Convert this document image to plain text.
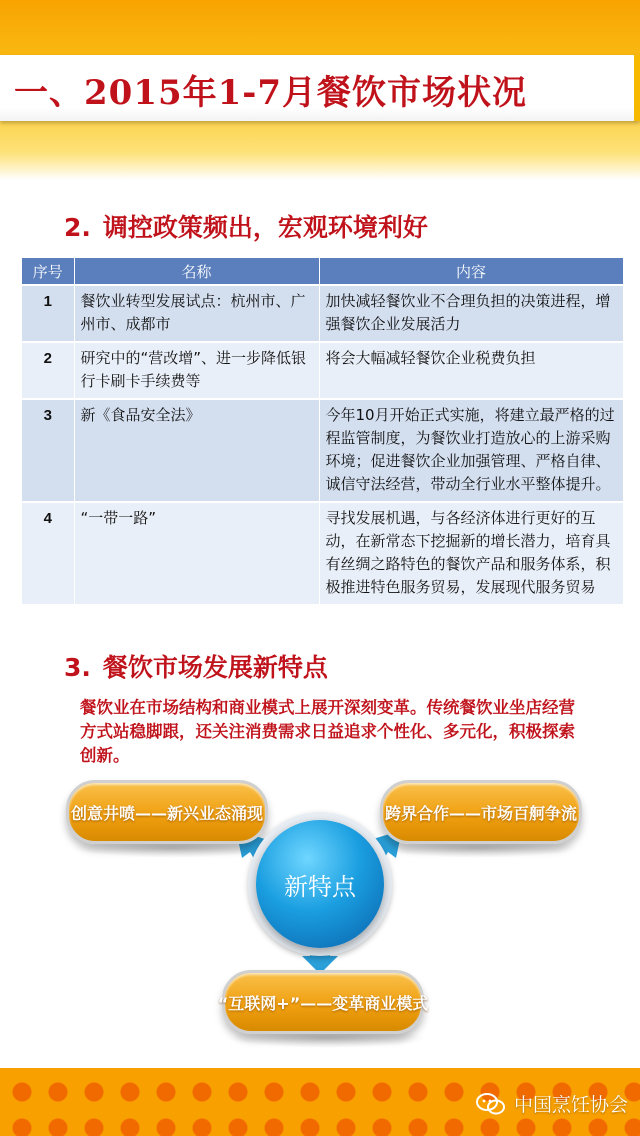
一、2015年1-7月餐饮市场状况
2. 调控政策频出，宏观环境利好
序号	名称	内容
1	餐饮业转型发展试点：杭州市、广州市、成都市	加快减轻餐饮业不合理负担的决策进程，增强餐饮企业发展活力
2	研究中的“营改增”、进一步降低银行卡刷卡手续费等	将会大幅减轻餐饮企业税费负担
3	新《食品安全法》	今年10月开始正式实施，将建立最严格的过程监管制度，为餐饮业打造放心的上游采购环境；促进餐饮企业加强管理、严格自律、诚信守法经营，带动全行业水平整体提升。
4	“一带一路”	寻找发展机遇，与各经济体进行更好的互动，在新常态下挖掘新的增长潜力，培育具有丝绸之路特色的餐饮产品和服务体系，积极推进特色服务贸易，发展现代服务贸易
3. 餐饮市场发展新特点
餐饮业在市场结构和商业模式上展开深刻变革。传统餐饮业坐店经营方式站稳脚跟，还关注消费需求日益追求个性化、多元化，积极探索创新。
创意井喷——新兴业态涌现	跨界合作——市场百舸争流
“互联网+”——变革商业模式
新特点
中国烹饪协会
